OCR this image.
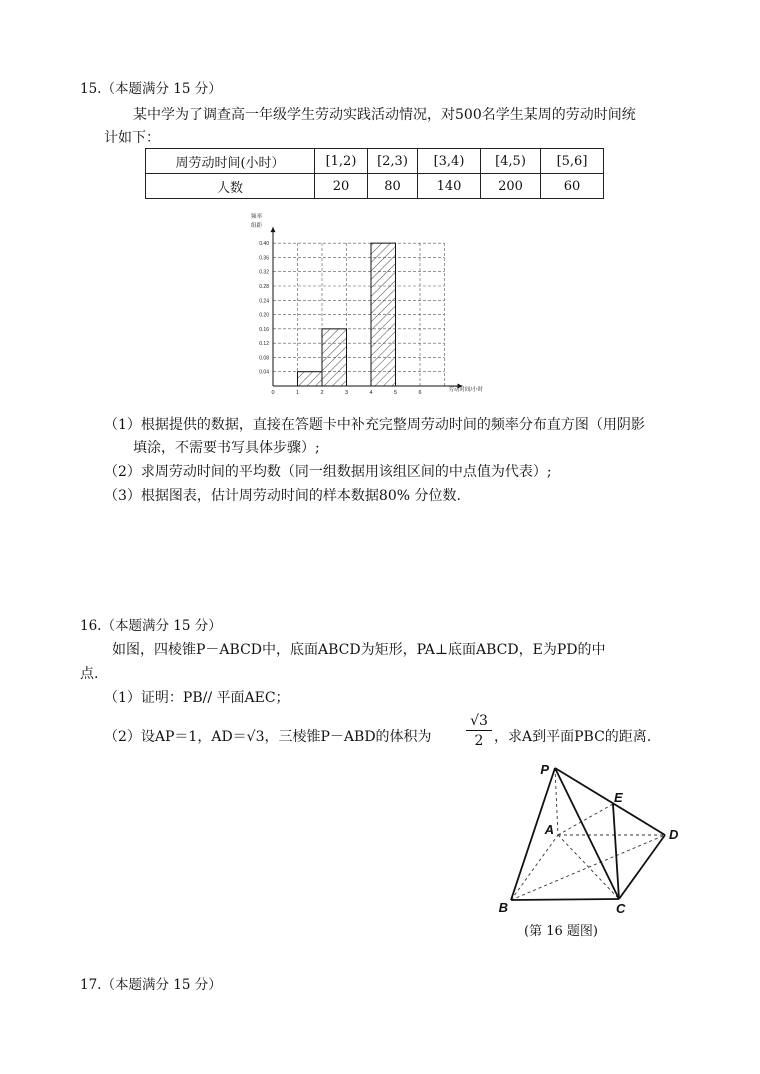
15.（本题满分 15 分）
某中学为了调查高一年级学生劳动实践活动情况，对500名学生某周的劳动时间统
计如下：
周劳动时间(小时）	[1,2)	[2,3)	[3,4)	[4,5)	[5,6]
人数	20	80	140	200	60
0.04
0.08
0.12
0.16
0.20
0.24
0.28
0.32
0.36
0.40
0	1	2	3	4	5	6
频率
组距
劳动时间/小时
（1）根据提供的数据，直接在答题卡中补充完整周劳动时间的频率分布直方图（用阴影
填涂，不需要书写具体步骤）;
（2）求周劳动时间的平均数（同一组数据用该组区间的中点值为代表）;
（3）根据图表，估计周劳动时间的样本数据80% 分位数.
16.（本题满分 15 分）
如图，四棱锥P－ABCD中，底面ABCD为矩形，PA⊥底面ABCD，E为PD的中
点.
（1）证明：PB// 平面AEC；
（2）设AP＝1，AD＝√3，三棱锥P－ABD的体积为 $\frac{√3}{2}$ ，求A到平面PBC的距离.
P
E
A	D
B	C
(第 16 题图)
17.（本题满分 15 分）
